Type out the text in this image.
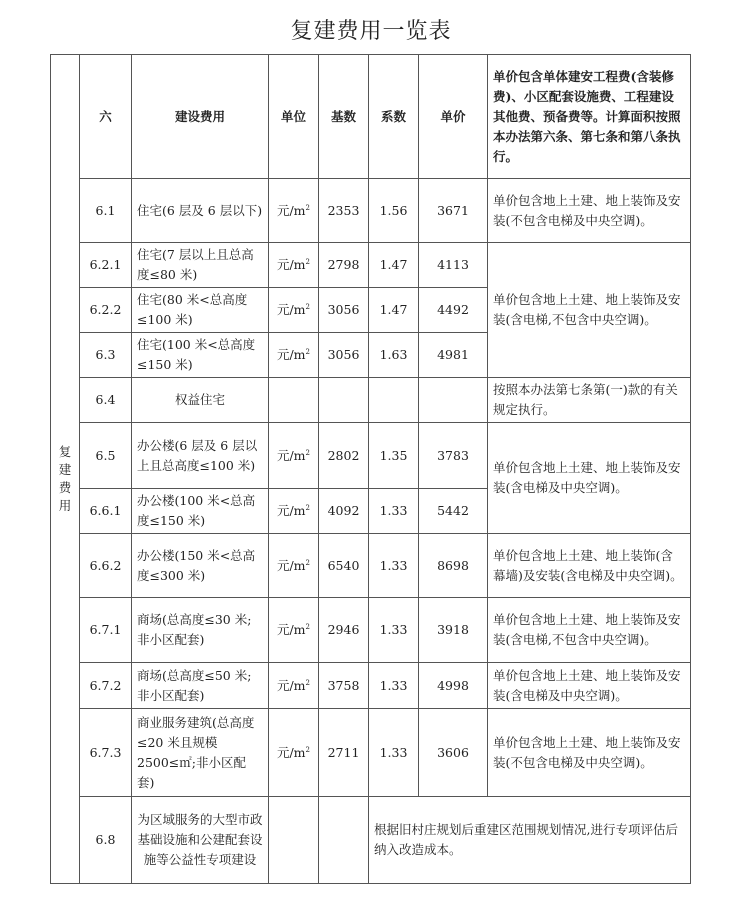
复建费用一览表
复
建
费
用	六	建设费用	单位	基数	系数	单价	单价包含单体建安工程费(含装修费)、小区配套设施费、工程建设其他费、预备费等。计算面积按照本办法第六条、第七条和第八条执行。
	6.1	住宅(6 层及 6 层以下)	元$/m^2$	2353	1.56	3671	单价包含地上土建、地上装饰及安装(不包含电梯及中央空调)。
	6.2.1	住宅(7 层以上且总高度≤80 米)	元$/m^2$	2798	1.47	4113	单价包含地上土建、地上装饰及安装(含电梯,不包含中央空调)。
	6.2.2	住宅(80 米<总高度≤100 米)	元$/m^2$	3056	1.47	4492	
	6.3	住宅(100 米<总高度≤150 米)	元$/m^2$	3056	1.63	4981	
	6.4	权益住宅					按照本办法第七条第(一)款的有关规定执行。
	6.5	办公楼(6 层及 6 层以上且总高度≤100 米)	元$/m^2$	2802	1.35	3783	单价包含地上土建、地上装饰及安装(含电梯及中央空调)。
	6.6.1	办公楼(100 米<总高度≤150 米)	元$/m^2$	4092	1.33	5442	
	6.6.2	办公楼(150 米<总高度≤300 米)	元$/m^2$	6540	1.33	8698	单价包含地上土建、地上装饰(含幕墙)及安装(含电梯及中央空调)。
	6.7.1	商场(总高度≤30 米;非小区配套)	元$/m^2$	2946	1.33	3918	单价包含地上土建、地上装饰及安装(含电梯,不包含中央空调)。
	6.7.2	商场(总高度≤50 米;非小区配套)	元$/m^2$	3758	1.33	4998	单价包含地上土建、地上装饰及安装(含电梯及中央空调)。
	6.7.3	商业服务建筑(总高度≤20 米且规模 2500≤㎡;非小区配套)	元$/m^2$	2711	1.33	3606	单价包含地上土建、地上装饰及安装(不包含电梯及中央空调)。
	6.8	为区域服务的大型市政基础设施和公建配套设施等公益性专项建设			根据旧村庄规划后重建区范围规划情况,进行专项评估后纳入改造成本。		
